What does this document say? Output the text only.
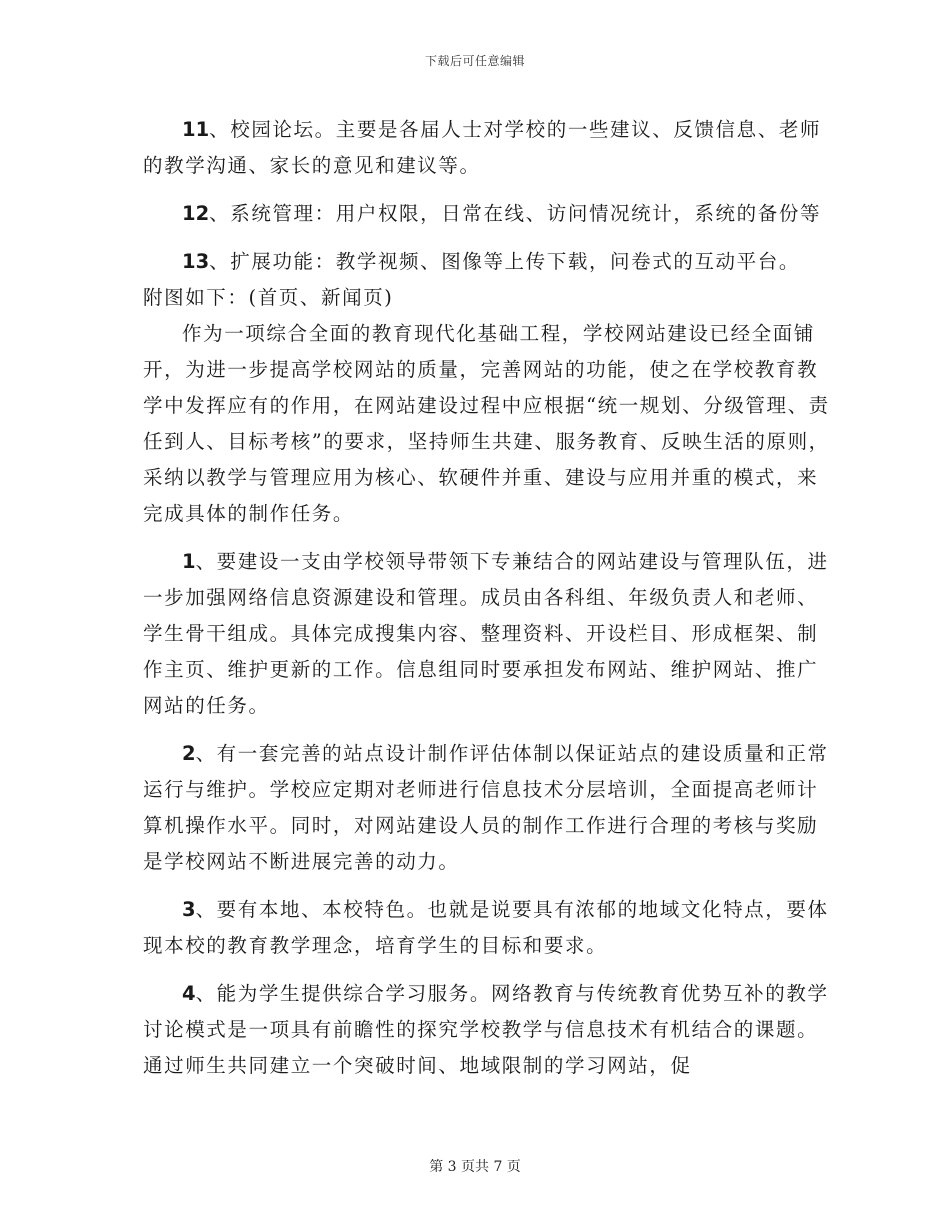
下载后可任意编辑

11、校园论坛。主要是各届人士对学校的一些建议、反馈信息、老师的教学沟通、家长的意见和建议等。

12、系统管理：用户权限，日常在线、访问情况统计，系统的备份等

13、扩展功能：教学视频、图像等上传下载，问卷式的互动平台。

附图如下：(首页、新闻页)

作为一项综合全面的教育现代化基础工程，学校网站建设已经全面铺开，为进一步提高学校网站的质量，完善网站的功能，使之在学校教育教学中发挥应有的作用，在网站建设过程中应根据“统一规划、分级管理、责任到人、目标考核”的要求，坚持师生共建、服务教育、反映生活的原则，采纳以教学与管理应用为核心、软硬件并重、建设与应用并重的模式，来完成具体的制作任务。

1、要建设一支由学校领导带领下专兼结合的网站建设与管理队伍，进一步加强网络信息资源建设和管理。成员由各科组、年级负责人和老师、学生骨干组成。具体完成搜集内容、整理资料、开设栏目、形成框架、制作主页、维护更新的工作。信息组同时要承担发布网站、维护网站、推广网站的任务。

2、有一套完善的站点设计制作评估体制以保证站点的建设质量和正常运行与维护。学校应定期对老师进行信息技术分层培训，全面提高老师计算机操作水平。同时，对网站建设人员的制作工作进行合理的考核与奖励是学校网站不断进展完善的动力。

3、要有本地、本校特色。也就是说要具有浓郁的地域文化特点，要体现本校的教育教学理念，培育学生的目标和要求。

4、能为学生提供综合学习服务。网络教育与传统教育优势互补的教学讨论模式是一项具有前瞻性的探究学校教学与信息技术有机结合的课题。通过师生共同建立一个突破时间、地域限制的学习网站，促

第 3 页共 7 页
